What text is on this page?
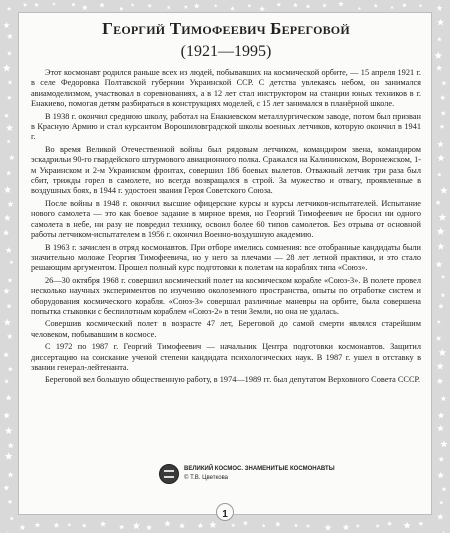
Георгий Тимофеевич Береговой
(1921—1995)

Этот космонавт родился раньше всех из людей, побывавших на космической орбите, — 15 апреля 1921 г. в селе Федоровка Полтавской губернии Украинской ССР. С детства увлекаясь небом, он занимался авиамоделизмом, участвовал в соревнованиях, а в 12 лет стал инструктором на станции юных техников в г. Енакиево, помогая детям разбираться в конструкциях моделей, с 15 лет занимался в планёрной школе.

В 1938 г. окончил среднюю школу, работал на Енакиевском металлургическом заводе, потом был призван в Красную Армию и стал курсантом Ворошиловградской школы военных летчиков, которую окончил в 1941 г.

Во время Великой Отечественной войны был рядовым летчиком, командиром звена, командиром эскадрильи 90-го гвардейского штурмового авиационного полка. Сражался на Калининском, Воронежском, 1-м Украинском и 2-м Украинском фронтах, совершил 186 боевых вылетов. Отважный летчик три раза был сбит, трижды горел в самолете, но всегда возвращался в строй. За мужество и отвагу, проявленные в воздушных боях, в 1944 г. удостоен звания Героя Советского Союза.

После войны в 1948 г. окончил высшие офицерские курсы и курсы летчиков-испытателей. Испытание нового самолета — это как боевое задание в мирное время, но Георгий Тимофеевич не бросил ни одного самолета в небе, ни разу не повредил технику, освоил более 60 типов самолетов. Без отрыва от основной работы летчиком-испытателем в 1956 г. окончил Военно-воздушную академию.

В 1963 г. зачислен в отряд космонавтов. При отборе имелись сомнения: все отобранные кандидаты были значительно моложе Георгия Тимофеевича, но у него за плечами — 28 лет летной практики, и это стало решающим аргументом. Прошел полный курс подготовки к полетам на кораблях типа «Союз».

26—30 октября 1968 г. совершил космический полет на космическом корабле «Союз-3». В полете провел несколько научных экспериментов по изучению околоземного пространства, опыты по отработке систем и оборудования космического корабля. «Союз-3» совершал различные маневры на орбите, была совершена попытка стыковки с беспилотным кораблем «Союз-2» в тени Земли, но она не удалась.

Совершив космический полет в возрасте 47 лет, Береговой до самой смерти являлся старейшим человеком, побывавшим в космосе.

С 1972 по 1987 г. Георгий Тимофеевич — начальник Центра подготовки космонавтов. Защитил диссертацию на соискание ученой степени кандидата психологических наук. В 1987 г. ушел в отставку в звании генерал-лейтенанта.

Береговой вел большую общественную работу, в 1974—1989 гг. был депутатом Верховного Совета СССР.

ВЕЛИКИЙ КОСМОС. ЗНАМЕНИТЫЕ КОСМОНАВТЫ
© Т.В. Цветкова
1
